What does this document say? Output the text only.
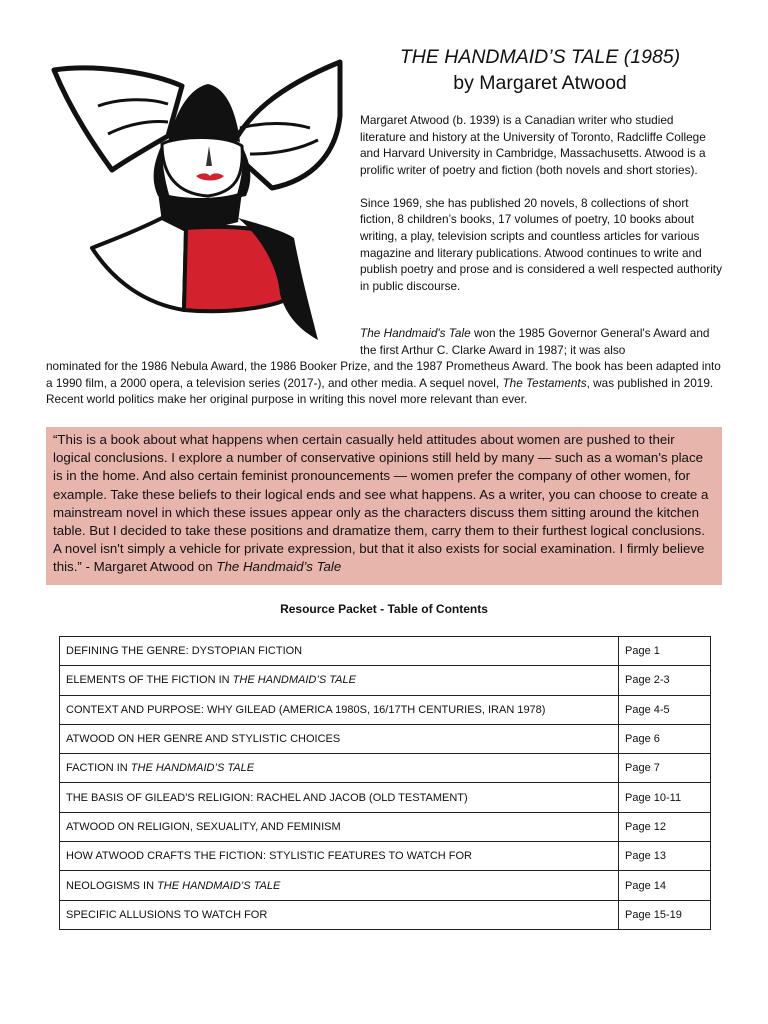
THE HANDMAID’S TALE (1985)
by Margaret Atwood

Margaret Atwood (b. 1939) is a Canadian writer who studied literature and history at the University of Toronto, Radcliffe College and Harvard University in Cambridge, Massachusetts. Atwood is a prolific writer of poetry and fiction (both novels and short stories).

Since 1969, she has published 20 novels, 8 collections of short fiction, 8 children’s books, 17 volumes of poetry, 10 books about writing, a play, television scripts and countless articles for various magazine and literary publications. Atwood continues to write and publish poetry and prose and is considered a well respected authority in public discourse.

The Handmaid's Tale won the 1985 Governor General's Award and the first Arthur C. Clarke Award in 1987; it was also
nominated for the 1986 Nebula Award, the 1986 Booker Prize, and the 1987 Prometheus Award. The book has been adapted into a 1990 film, a 2000 opera, a television series (2017-), and other media. A sequel novel, The Testaments, was published in 2019. Recent world politics make her original purpose in writing this novel more relevant than ever.
“This is a book about what happens when certain casually held attitudes about women are pushed to their logical conclusions. I explore a number of conservative opinions still held by many — such as a woman's place is in the home. And also certain feminist pronouncements — women prefer the company of other women, for example. Take these beliefs to their logical ends and see what happens. As a writer, you can choose to create a mainstream novel in which these issues appear only as the characters discuss them sitting around the kitchen table. But I decided to take these positions and dramatize them, carry them to their furthest logical conclusions. A novel isn't simply a vehicle for private expression, but that it also exists for social examination. I firmly believe this.” - Margaret Atwood on The Handmaid’s Tale
Resource Packet - Table of Contents
DEFINING THE GENRE: DYSTOPIAN FICTION	Page 1
ELEMENTS OF THE FICTION IN THE HANDMAID’S TALE	Page 2-3
CONTEXT AND PURPOSE: WHY GILEAD (AMERICA 1980S, 16/17TH CENTURIES, IRAN 1978)	Page 4-5
ATWOOD ON HER GENRE AND STYLISTIC CHOICES	Page 6
FACTION IN THE HANDMAID’S TALE	Page 7
THE BASIS OF GILEAD'S RELIGION: RACHEL AND JACOB (OLD TESTAMENT)	Page 10-11
ATWOOD ON RELIGION, SEXUALITY, AND FEMINISM	Page 12
HOW ATWOOD CRAFTS THE FICTION: STYLISTIC FEATURES TO WATCH FOR	Page 13
NEOLOGISMS IN THE HANDMAID’S TALE	Page 14
SPECIFIC ALLUSIONS TO WATCH FOR	Page 15-19
